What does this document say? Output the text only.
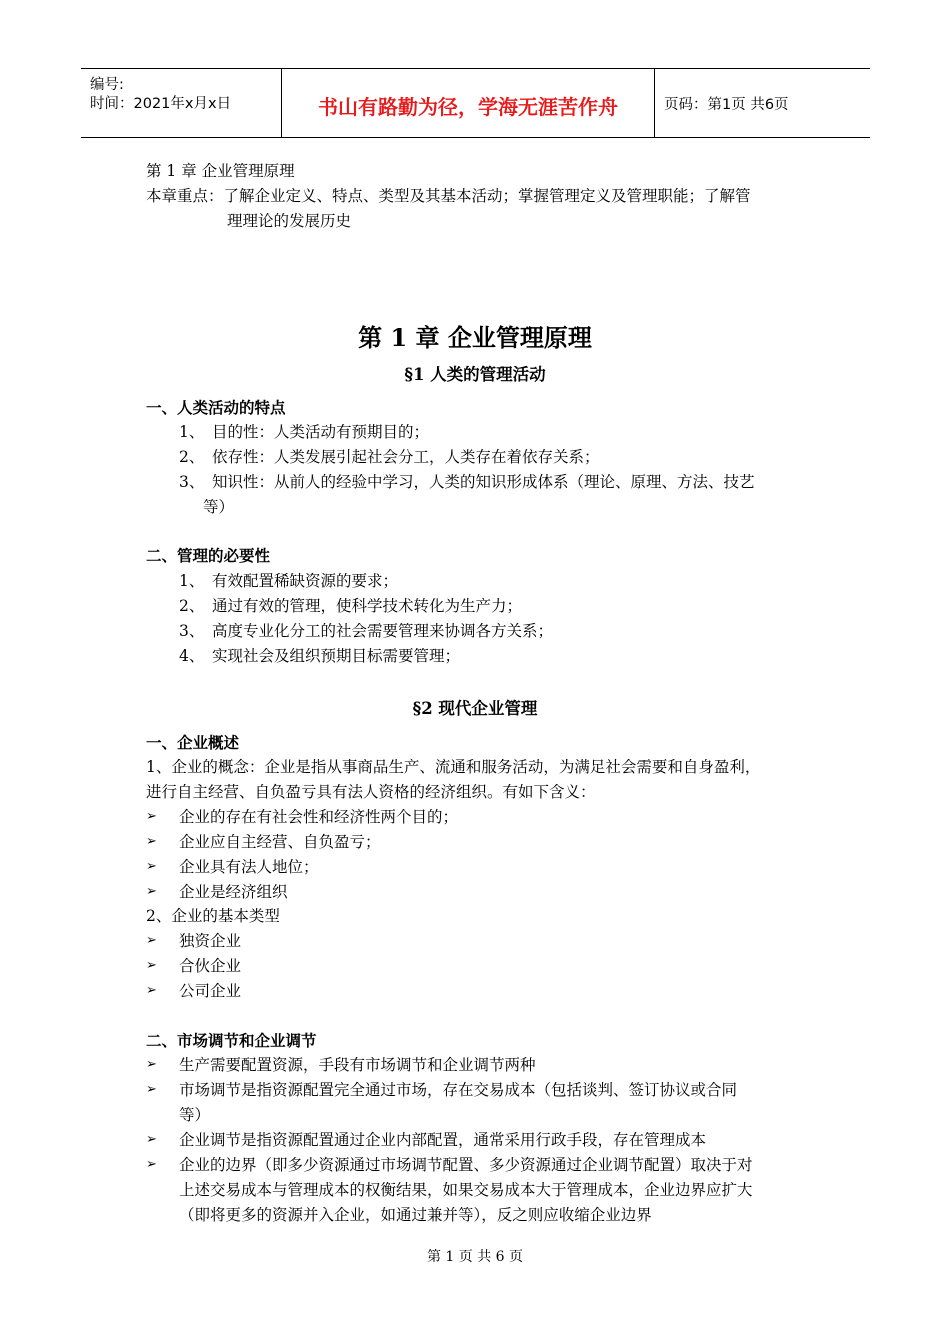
编号:
时间：2021年x月x日	书山有路勤为径，学海无涯苦作舟	页码：第1页 共6页
第 1 章 企业管理原理
本章重点：了解企业定义、特点、类型及其基本活动；掌握管理定义及管理职能；了解管
理理论的发展历史
第 1 章 企业管理原理
§1 人类的管理活动
一、人类活动的特点
1、 目的性：人类活动有预期目的；
2、 依存性：人类发展引起社会分工，人类存在着依存关系；
3、 知识性：从前人的经验中学习，人类的知识形成体系（理论、原理、方法、技艺
等）
二、管理的必要性
1、 有效配置稀缺资源的要求；
2、 通过有效的管理，使科学技术转化为生产力；
3、 高度专业化分工的社会需要管理来协调各方关系；
4、 实现社会及组织预期目标需要管理；
§2 现代企业管理
一、企业概述
1、企业的概念：企业是指从事商品生产、流通和服务活动，为满足社会需要和自身盈利，
进行自主经营、自负盈亏具有法人资格的经济组织。有如下含义：
➢ 企业的存在有社会性和经济性两个目的；
➢ 企业应自主经营、自负盈亏；
➢ 企业具有法人地位；
➢ 企业是经济组织
2、企业的基本类型
➢ 独资企业
➢ 合伙企业
➢ 公司企业
二、市场调节和企业调节
➢ 生产需要配置资源，手段有市场调节和企业调节两种
➢ 市场调节是指资源配置完全通过市场，存在交易成本（包括谈判、签订协议或合同
等）
➢ 企业调节是指资源配置通过企业内部配置，通常采用行政手段，存在管理成本
➢ 企业的边界（即多少资源通过市场调节配置、多少资源通过企业调节配置）取决于对
上述交易成本与管理成本的权衡结果，如果交易成本大于管理成本，企业边界应扩大
（即将更多的资源并入企业，如通过兼并等），反之则应收缩企业边界
第 1 页 共 6 页
